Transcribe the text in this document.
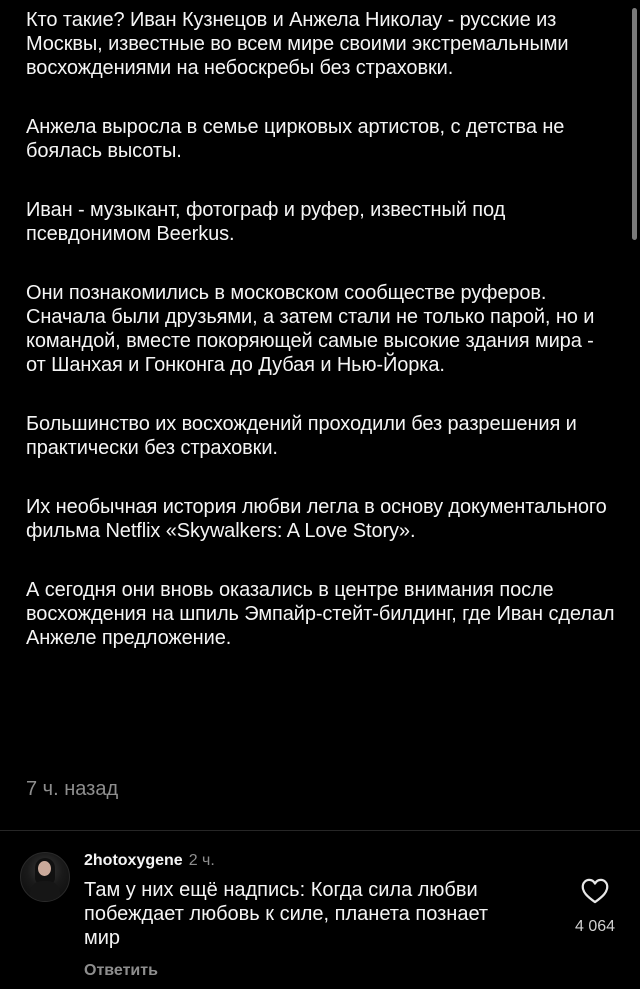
Кто такие? Иван Кузнецов и Анжела Николау - русские из Москвы, известные во всем мире своими экстремальными восхождениями на небоскребы без страховки.

Анжела выросла в семье цирковых артистов, с детства не боялась высоты.

Иван - музыкант, фотограф и руфер, известный под псевдонимом Beerkus.

Они познакомились в московском сообществе руферов. Сначала были друзьями, а затем стали не только парой, но и командой, вместе покоряющей самые высокие здания мира - от Шанхая и Гонконга до Дубая и Нью-Йорка.

Большинство их восхождений проходили без разрешения и практически без страховки.

Их необычная история любви легла в основу документального фильма Netflix «Skywalkers: A Love Story».

А сегодня они вновь оказались в центре внимания после восхождения на шпиль Эмпайр-стейт-билдинг, где Иван сделал Анжеле предложение.

7 ч. назад
2hotoxygene 2 ч.
Там у них ещё надпись: Когда сила любви побеждает любовь к силе, планета познает мир
Ответить
4 064
